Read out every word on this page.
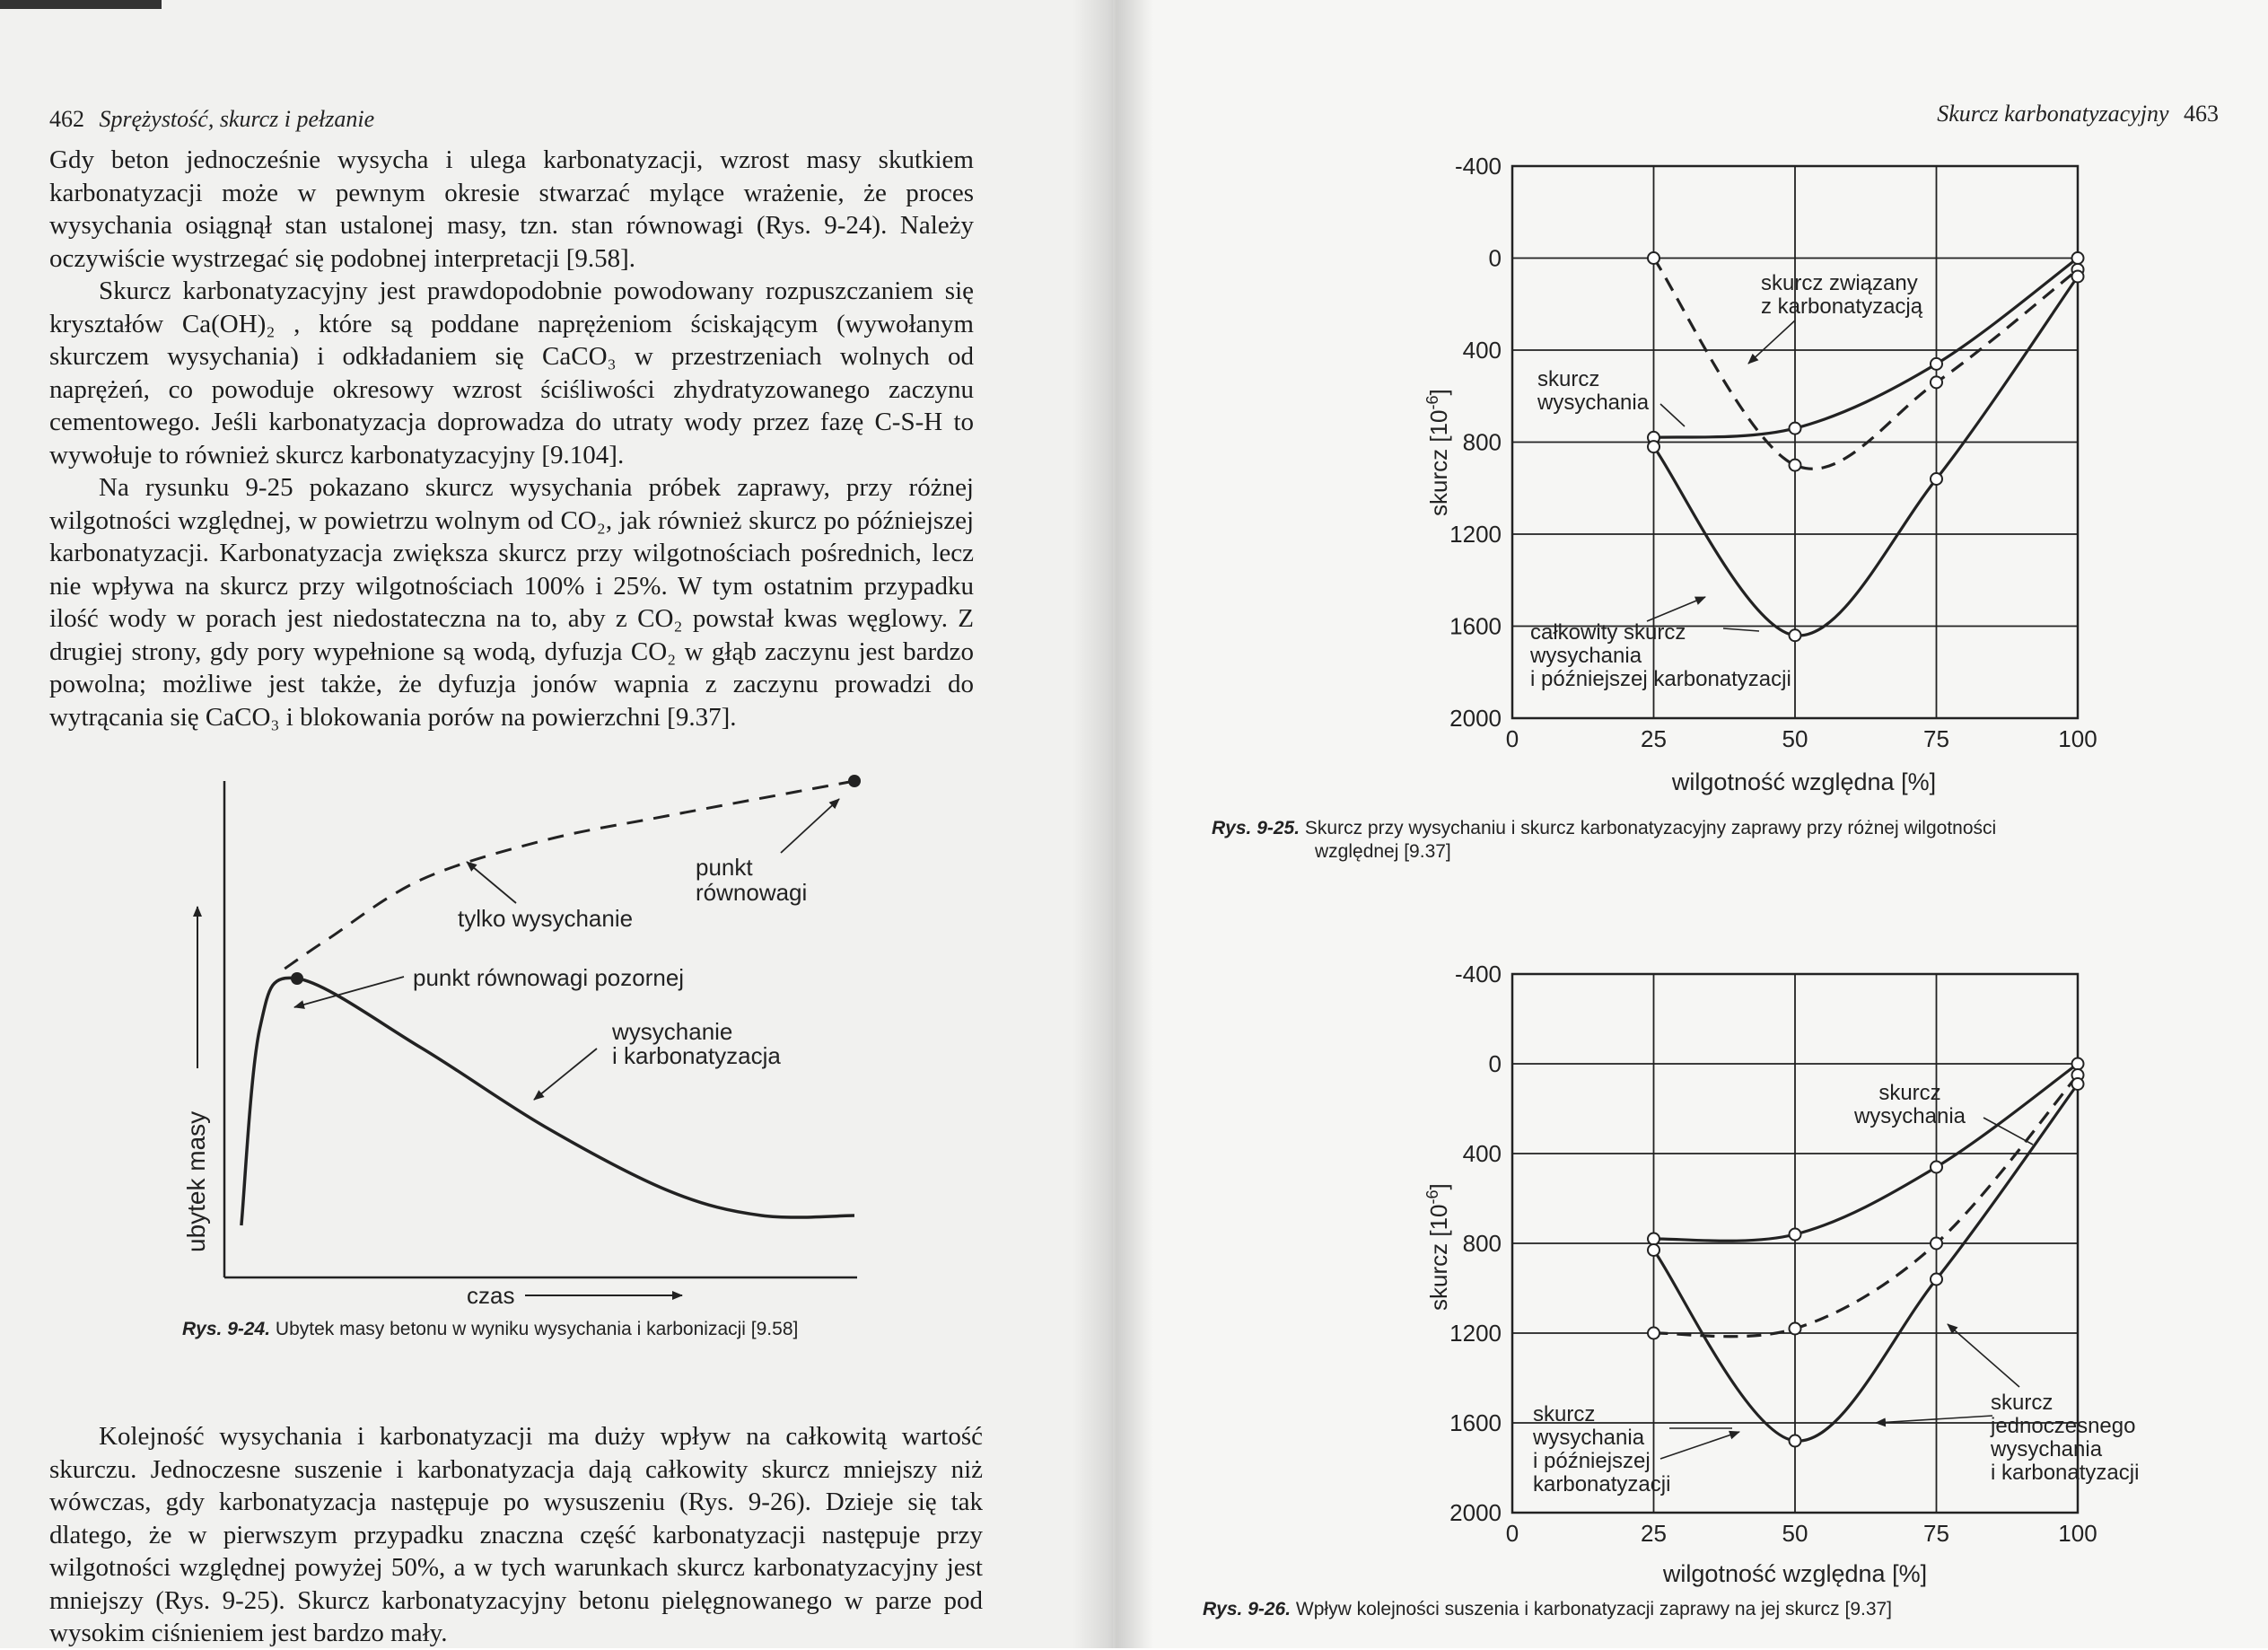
462 Sprężystość, skurcz i pełzanie

Gdy beton jednocześnie wysycha i ulega karbonatyzacji, wzrost masy skutkiem karbonatyzacji może w pewnym okresie stwarzać mylące wrażenie, że proces wysychania osiągnął stan ustalonej masy, tzn. stan równowagi (Rys. 9-24). Należy oczywiście wystrzegać się podobnej interpretacji [9.58].

Skurcz karbonatyzacyjny jest prawdopodobnie powodowany rozpuszczaniem się kryształów Ca(OH)₂ , które są poddane naprężeniom ściskającym (wywołanym skurczem wysychania) i odkładaniem się CaCO₃ w przestrzeniach wolnych od naprężeń, co powoduje okresowy wzrost ściśliwości zhydratyzowanego zaczynu cementowego. Jeśli karbonatyzacja doprowadza do utraty wody przez fazę C-S-H to wywołuje to również skurcz karbonatyzacyjny [9.104].

Na rysunku 9-25 pokazano skurcz wysychania próbek zaprawy, przy różnej wilgotności względnej, w powietrzu wolnym od CO₂, jak również skurcz po późniejszej karbonatyzacji. Karbonatyzacja zwiększa skurcz przy wilgotnościach pośrednich, lecz nie wpływa na skurcz przy wilgotnościach 100% i 25%. W tym ostatnim przypadku ilość wody w porach jest niedostateczna na to, aby z CO₂ powstał kwas węglowy. Z drugiej strony, gdy pory wypełnione są wodą, dyfuzja CO₂ w głąb zaczynu jest bardzo powolna; możliwe jest także, że dyfuzja jonów wapnia z zaczynu prowadzi do wytrącania się CaCO₃ i blokowania porów na powierzchni [9.37].

ubytek masy
czas
tylko wysychanie
punkt
równowagi
punkt równowagi pozornej
wysychanie
i karbonatyzacja
Rys. 9-24. Ubytek masy betonu w wyniku wysychania i karbonizacji [9.58]

Kolejność wysychania i karbonatyzacji ma duży wpływ na całkowitą wartość skurczu. Jednoczesne suszenie i karbonatyzacja dają całkowity skurcz mniejszy niż wówczas, gdy karbonatyzacja następuje po wysuszeniu (Rys. 9-26). Dzieje się tak dlatego, że w pierwszym przypadku znaczna część karbonatyzacji następuje przy wilgotności względnej powyżej 50%, a w tych warunkach skurcz karbonatyzacyjny jest mniejszy (Rys. 9-25). Skurcz karbonatyzacyjny betonu pielęgnowanego w parze pod wysokim ciśnieniem jest bardzo mały.

Skurcz karbonatyzacyjny 463
-400
0
400
800
1200
1600
2000
0	25	50	75	100
wilgotność względna [%]
skurcz $[10^{-6}]$
skurcz związany
z karbonatyzacją
skurcz
wysychania
całkowity skurcz
wysychania
i późniejszej karbonatyzacji
Rys. 9-25. Skurcz przy wysychaniu i skurcz karbonatyzacyjny zaprawy przy różnej wilgotności
względnej [9.37]
-400
0
400
800
1200
1600
2000
0	25	50	75	100
wilgotność względna [%]
skurcz $[10^{-6}]$
skurcz
wysychania
skurcz
wysychania
i późniejszej
karbonatyzacji
skurcz
jednoczesnego
wysychania
i karbonatyzacji
Rys. 9-26. Wpływ kolejności suszenia i karbonatyzacji zaprawy na jej skurcz [9.37]
